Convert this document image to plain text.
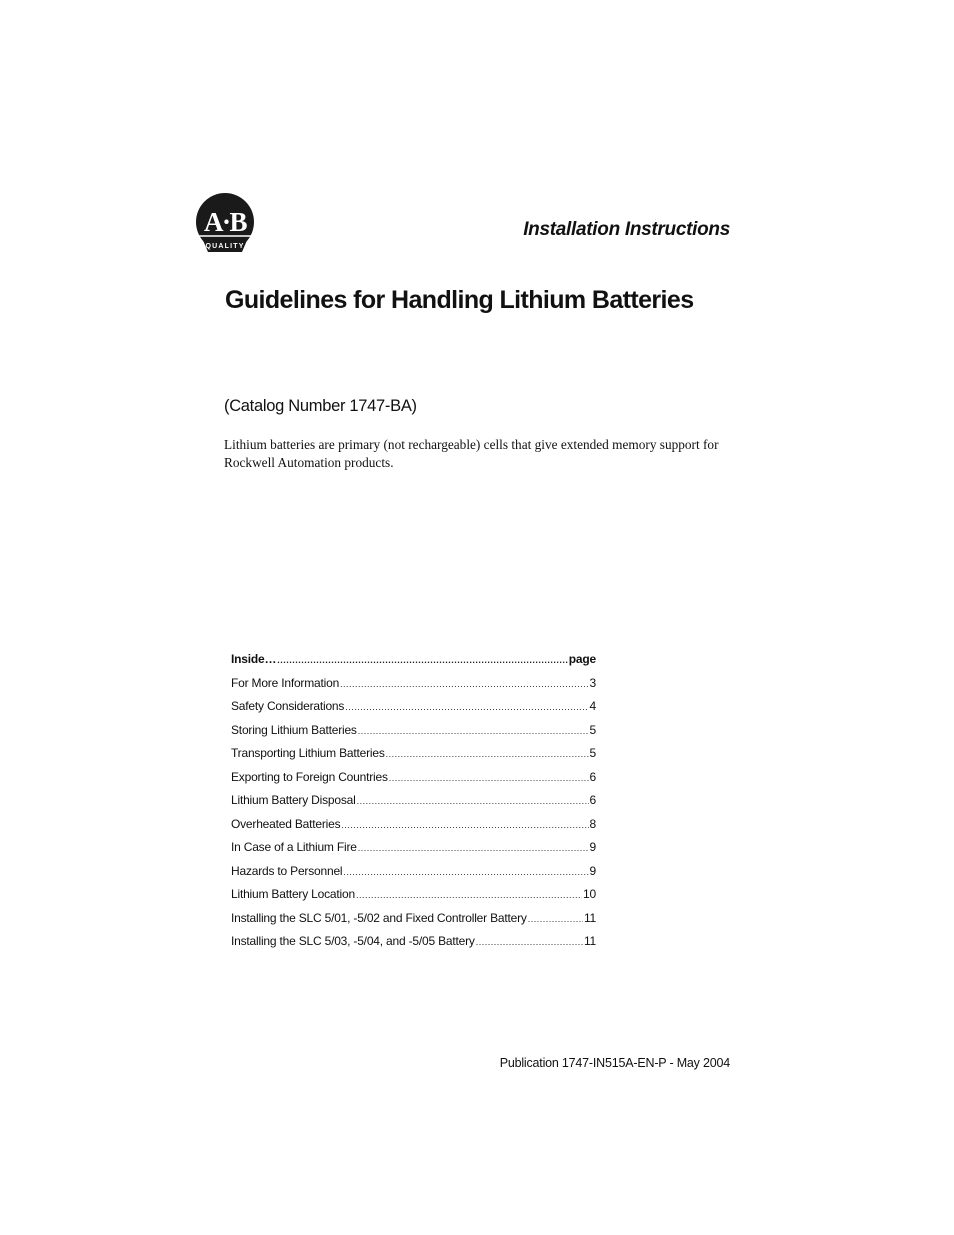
A·B
QUALITY
Installation Instructions
Guidelines for Handling Lithium Batteries
(Catalog Number 1747-BA)

Lithium batteries are primary (not rechargeable) cells that give extended memory support for Rockwell Automation products.

Inside… .....	page
For More Information .....	3
Safety Considerations .....	4
Storing Lithium Batteries .....	5
Transporting Lithium Batteries .....	5
Exporting to Foreign Countries .....	6
Lithium Battery Disposal .....	6
Overheated Batteries .....	8
In Case of a Lithium Fire .....	9
Hazards to Personnel .....	9
Lithium Battery Location .....	10
Installing the SLC 5/01, -5/02 and Fixed Controller Battery .....	11
Installing the SLC 5/03, -5/04, and -5/05 Battery .....	11
Publication 1747-IN515A-EN-P - May 2004
